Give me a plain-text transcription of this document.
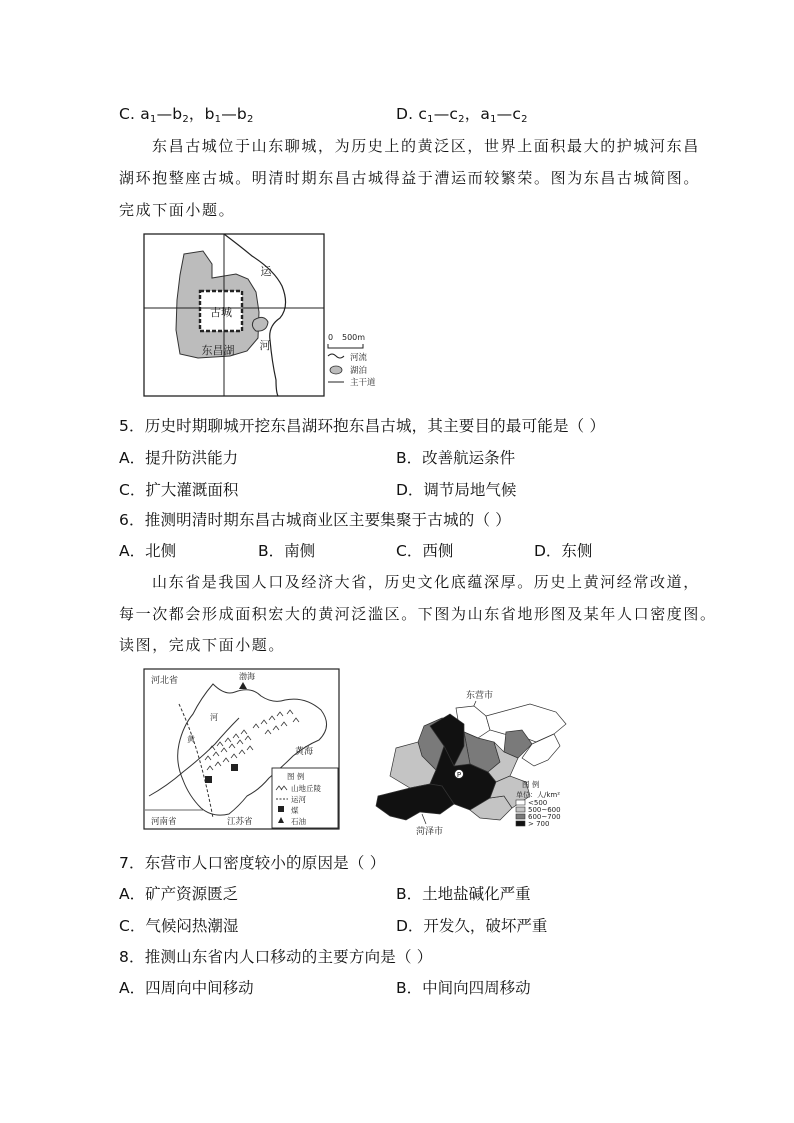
C. $a_1—b_2$，$b_1—b_2$	D. $c_1—c_2$，$a_1—c_2$
东昌古城位于山东聊城，为历史上的黄泛区，世界上面积最大的护城河东昌
湖环抱整座古城。明清时期东昌古城得益于漕运而较繁荣。图为东昌古城简图。
完成下面小题。
古城
东昌湖
运
河
0 500m
河流
湖泊
主干道
5．历史时期聊城开挖东昌湖环抱东昌古城，其主要目的最可能是（ ）
A．提升防洪能力	B．改善航运条件
C．扩大灌溉面积	D．调节局地气候
6．推测明清时期东昌古城商业区主要集聚于古城的（ ）
A．北侧	B．南侧	C．西侧	D．东侧
山东省是我国人口及经济大省，历史文化底蕴深厚。历史上黄河经常改道，
每一次都会形成面积宏大的黄河泛滥区。下图为山东省地形图及某年人口密度图。
读图，完成下面小题。
河北省	渤海
河
黄
黄海
河南省	江苏省
图 例
山地丘陵
运河
煤
石油
东营市
P
菏泽市
图 例
单位：人/km²
<500
500~600
600~700
> 700
7．东营市人口密度较小的原因是（ ）
A．矿产资源匮乏	B．土地盐碱化严重
C．气候闷热潮湿	D．开发久，破坏严重
8．推测山东省内人口移动的主要方向是（ ）
A．四周向中间移动	B．中间向四周移动
